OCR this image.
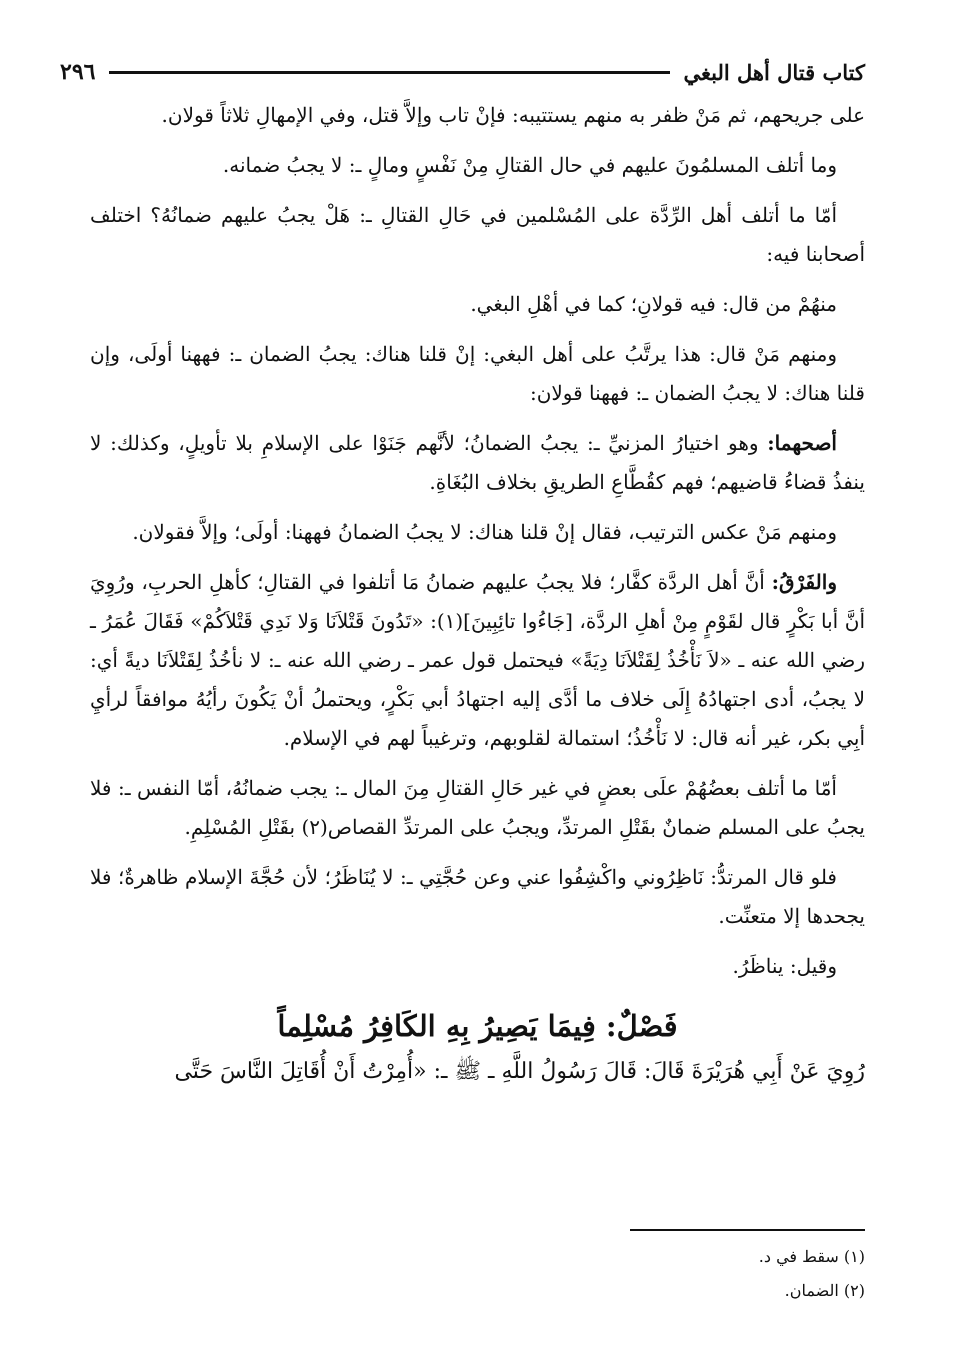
٢٩٦	كتاب قتال أهل البغي

على جريحهم، ثم مَنْ ظفر به منهم يستتيبه: فإنْ تاب وإلاَّ قتل، وفي الإمهالِ ثلاثاً قولان.

وما أتلف المسلمُونَ عليهم في حال القتالِ مِنْ نَفْسٍ ومالٍ ـ: لا يجبُ ضمانه.

أمّا ما أتلف أهل الرِّدَّة على المُسْلمين في حَالِ القتالِ ـ: هَلْ يجبُ عليهم ضمانُهُ؟ اختلف أصحابنا فيه:

منهُمْ من قال: فيه قولانِ؛ كما في أهْلِ البغي.

ومنهم مَنْ قال: هذا يرتَّبُ على أهل البغي: إنْ قلنا هناك: يجبُ الضمان ـ: فههنا أولَى، وإن قلنا هناك: لا يجبُ الضمان ـ: فههنا قولان:

أصحهما: وهو اختيارُ المزنيِّ ـ: يجبُ الضمانُ؛ لأنَّهم جَنَوْا على الإسلامِ بلا تأويلٍ، وكذلك: لا ينفذُ قضاءُ قاضيهم؛ فهم كقُطَّاعِ الطريقِ بخلاف البُغَاةِ.

ومنهم مَنْ عكس الترتيب، فقال إنْ قلنا هناك: لا يجبُ الضمانُ فههنا: أولَى؛ وإلاَّ فقولان.

والفَرْقُ: أنَّ أهل الردَّة كفَّار؛ فلا يجبُ عليهم ضمانُ مَا أتلفوا في القتالِ؛ كأهلِ الحربِ، ورُوِيَ أنَّ أبا بَكْرٍ قال لقَوْمٍ مِنْ أهلِ الردَّة، [جَاءُوا تائِبِينَ](١): «تَدُونَ قَتْلاَنَا وَلا نَدِي قَتْلاَكُمْ» فَقَالَ عُمَرُ ـ رضي الله عنه ـ «لاَ نَأْخُذُ لِقَتْلاَنَا دِيَةً» فيحتمل قول عمر ـ رضي الله عنه ـ: لا نأخُذُ لِقَتْلاَنَا ديةً أي: لا يجبُ، أدى اجتهادُهُ إِلَى خلاف ما أدَّى إليه اجتهادُ أبي بَكْرٍ، ويحتملُ أنْ يَكُونَ رأيُهُ موافقاً لرأيِ أبِي بكر، غير أنه قال: لا نَأْخُذُ؛ استمالة لقلوبهم، وترغيباً لهم في الإسلام.

أمّا ما أتلف بعضُهُمْ علَى بعضٍ في غير حَالِ القتالِ مِنَ المال ـ: يجب ضمانُهُ، أمّا النفس ـ: فلا يجبُ على المسلم ضمانٌ بقَتْلِ المرتدِّ، ويجبُ على المرتدِّ القصاص(٢) بقَتْلِ المُسْلِمِ.

فلو قال المرتدُّ: نَاظِرُوني واكْشِفُوا عني وعن حُجَّتِي ـ: لا يُنَاظَرُ؛ لأن حُجَّةَ الإسلام ظاهرةٌ؛ فلا يجحدها إلا متعنِّت.

وقيل: يناظَرُ.

فَصْلٌ: فِيمَا يَصِيرُ بِهِ الكَافِرُ مُسْلِماً

رُوِيَ عَنْ أَبِي هُرَيْرَةَ قَالَ: قَالَ رَسُولُ اللَّهِ ـ ﷺ ـ: «أُمِرْتُ أَنْ أُقَاتِلَ النَّاسَ حَتَّى

(١) سقط في د.
(٢) الضمان.
